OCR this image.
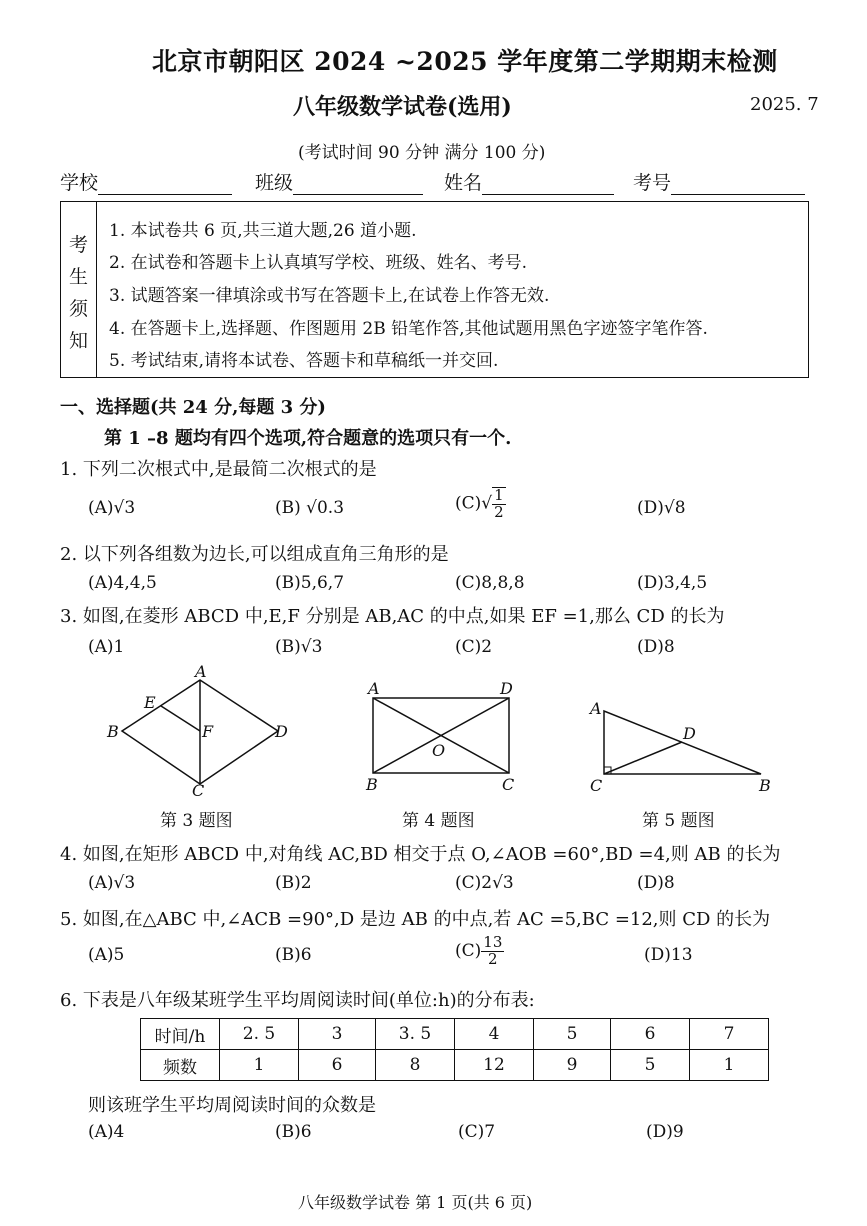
北京市朝阳区 2024 ~2025 学年度第二学期期末检测
八年级数学试卷(选用)	2025. 7
(考试时间 90 分钟 满分 100 分)
学校	班级	姓名	考号
考
生
须
知
1. 本试卷共 6 页,共三道大题,26 道小题.
2. 在试卷和答题卡上认真填写学校、班级、姓名、考号.
3. 试题答案一律填涂或书写在答题卡上,在试卷上作答无效.
4. 在答题卡上,选择题、作图题用 2B 铅笔作答,其他试题用黑色字迹签字笔作答.
5. 考试结束,请将本试卷、答题卡和草稿纸一并交回.
一、选择题(共 24 分,每题 3 分)
第 1 –8 题均有四个选项,符合题意的选项只有一个.
1. 下列二次根式中,是最简二次根式的是
(A)√3	(B) √0.3	$(C)√ \frac{1}{2}$	(D)√8
2. 以下列各组数为边长,可以组成直角三角形的是
(A)4,4,5	(B)5,6,7	(C)8,8,8	(D)3,4,5
3. 如图,在菱形 ABCD 中,E,F 分别是 AB,AC 的中点,如果 EF =1,那么 CD 的长为
(A)1	(B)√3	(C)2	(D)8
A
B
C
D
E
F
A	D
B	C
O
A
D
C	B
第 3 题图	第 4 题图	第 5 题图
4. 如图,在矩形 ABCD 中,对角线 AC,BD 相交于点 O,∠AOB =60°,BD =4,则 AB 的长为
(A)√3	(B)2	(C)2√3	(D)8
5. 如图,在△ABC 中,∠ACB =90°,D 是边 AB 的中点,若 AC =5,BC =12,则 CD 的长为
(A)5	(B)6	$(C) \frac{13}{2}$	(D)13
6. 下表是八年级某班学生平均周阅读时间(单位:h)的分布表:
时间/h	2. 5	3	3. 5	4	5	6	7
频数	1	6	8	12	9	5	1
则该班学生平均周阅读时间的众数是
(A)4	(B)6	(C)7	(D)9
八年级数学试卷 第 1 页(共 6 页)
